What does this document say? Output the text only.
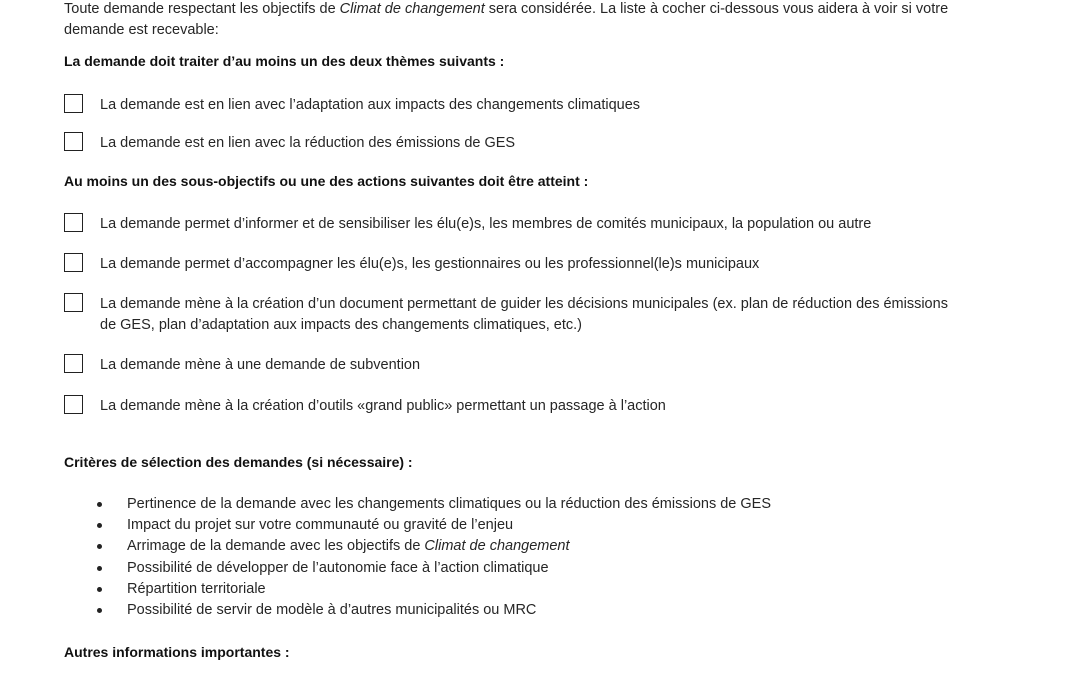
Toute demande respectant les objectifs de Climat de changement sera considérée. La liste à cocher ci-dessous vous aidera à voir si votre
demande est recevable:
La demande doit traiter d’au moins un des deux thèmes suivants :
La demande est en lien avec l’adaptation aux impacts des changements climatiques
La demande est en lien avec la réduction des émissions de GES
Au moins un des sous-objectifs ou une des actions suivantes doit être atteint :
La demande permet d’informer et de sensibiliser les élu(e)s, les membres de comités municipaux, la population ou autre
La demande permet d’accompagner les élu(e)s, les gestionnaires ou les professionnel(le)s municipaux
La demande mène à la création d’un document permettant de guider les décisions municipales (ex. plan de réduction des émissions
de GES, plan d’adaptation aux impacts des changements climatiques, etc.)
La demande mène à une demande de subvention
La demande mène à la création d’outils «grand public» permettant un passage à l’action
Critères de sélection des demandes (si nécessaire) :
Pertinence de la demande avec les changements climatiques ou la réduction des émissions de GES
Impact du projet sur votre communauté ou gravité de l’enjeu
Arrimage de la demande avec les objectifs de Climat de changement
Possibilité de développer de l’autonomie face à l’action climatique
Répartition territoriale
Possibilité de servir de modèle à d’autres municipalités ou MRC
Autres informations importantes :
